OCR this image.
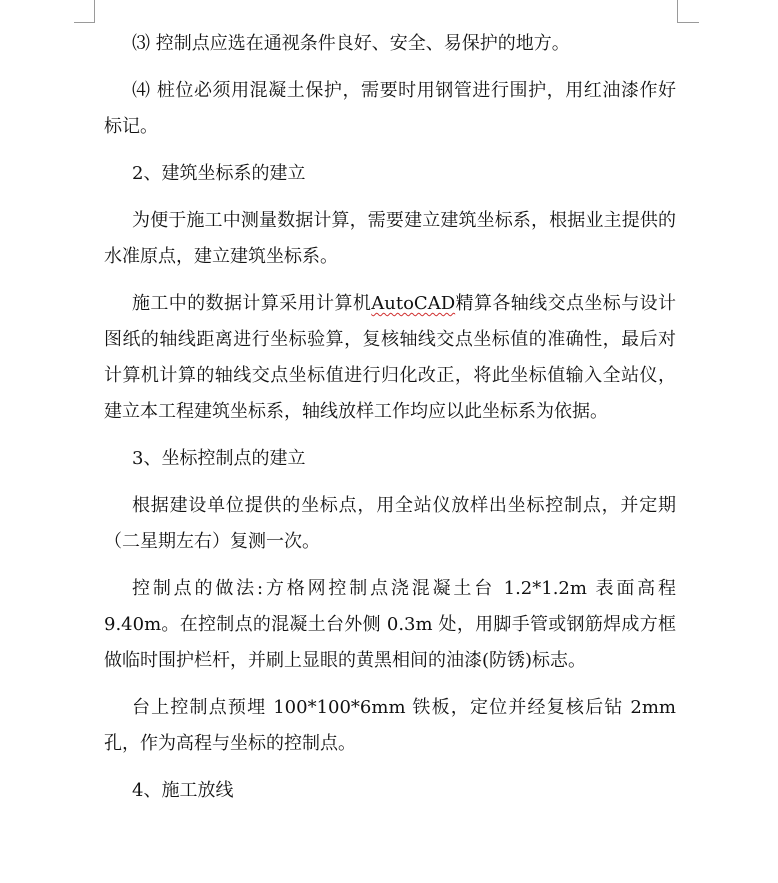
⑶ 控制点应选在通视条件良好、安全、易保护的地方。

⑷ 桩位必须用混凝土保护，需要时用钢管进行围护，用红油漆作好标记。

2、建筑坐标系的建立

为便于施工中测量数据计算，需要建立建筑坐标系，根据业主提供的水准原点，建立建筑坐标系。

施工中的数据计算采用计算机AutoCAD精算各轴线交点坐标与设计图纸的轴线距离进行坐标验算，复核轴线交点坐标值的准确性，最后对计算机计算的轴线交点坐标值进行归化改正，将此坐标值输入全站仪，建立本工程建筑坐标系，轴线放样工作均应以此坐标系为依据。

3、坐标控制点的建立

根据建设单位提供的坐标点，用全站仪放样出坐标控制点，并定期（二星期左右）复测一次。

控制点的做法:方格网控制点浇混凝土台 1.2*1.2m 表面高程 9.40m。在控制点的混凝土台外侧 0.3m 处，用脚手管或钢筋焊成方框做临时围护栏杆，并刷上显眼的黄黑相间的油漆(防锈)标志。

台上控制点预埋 100*100*6mm 铁板，定位并经复核后钻 2mm 孔，作为高程与坐标的控制点。

4、施工放线
